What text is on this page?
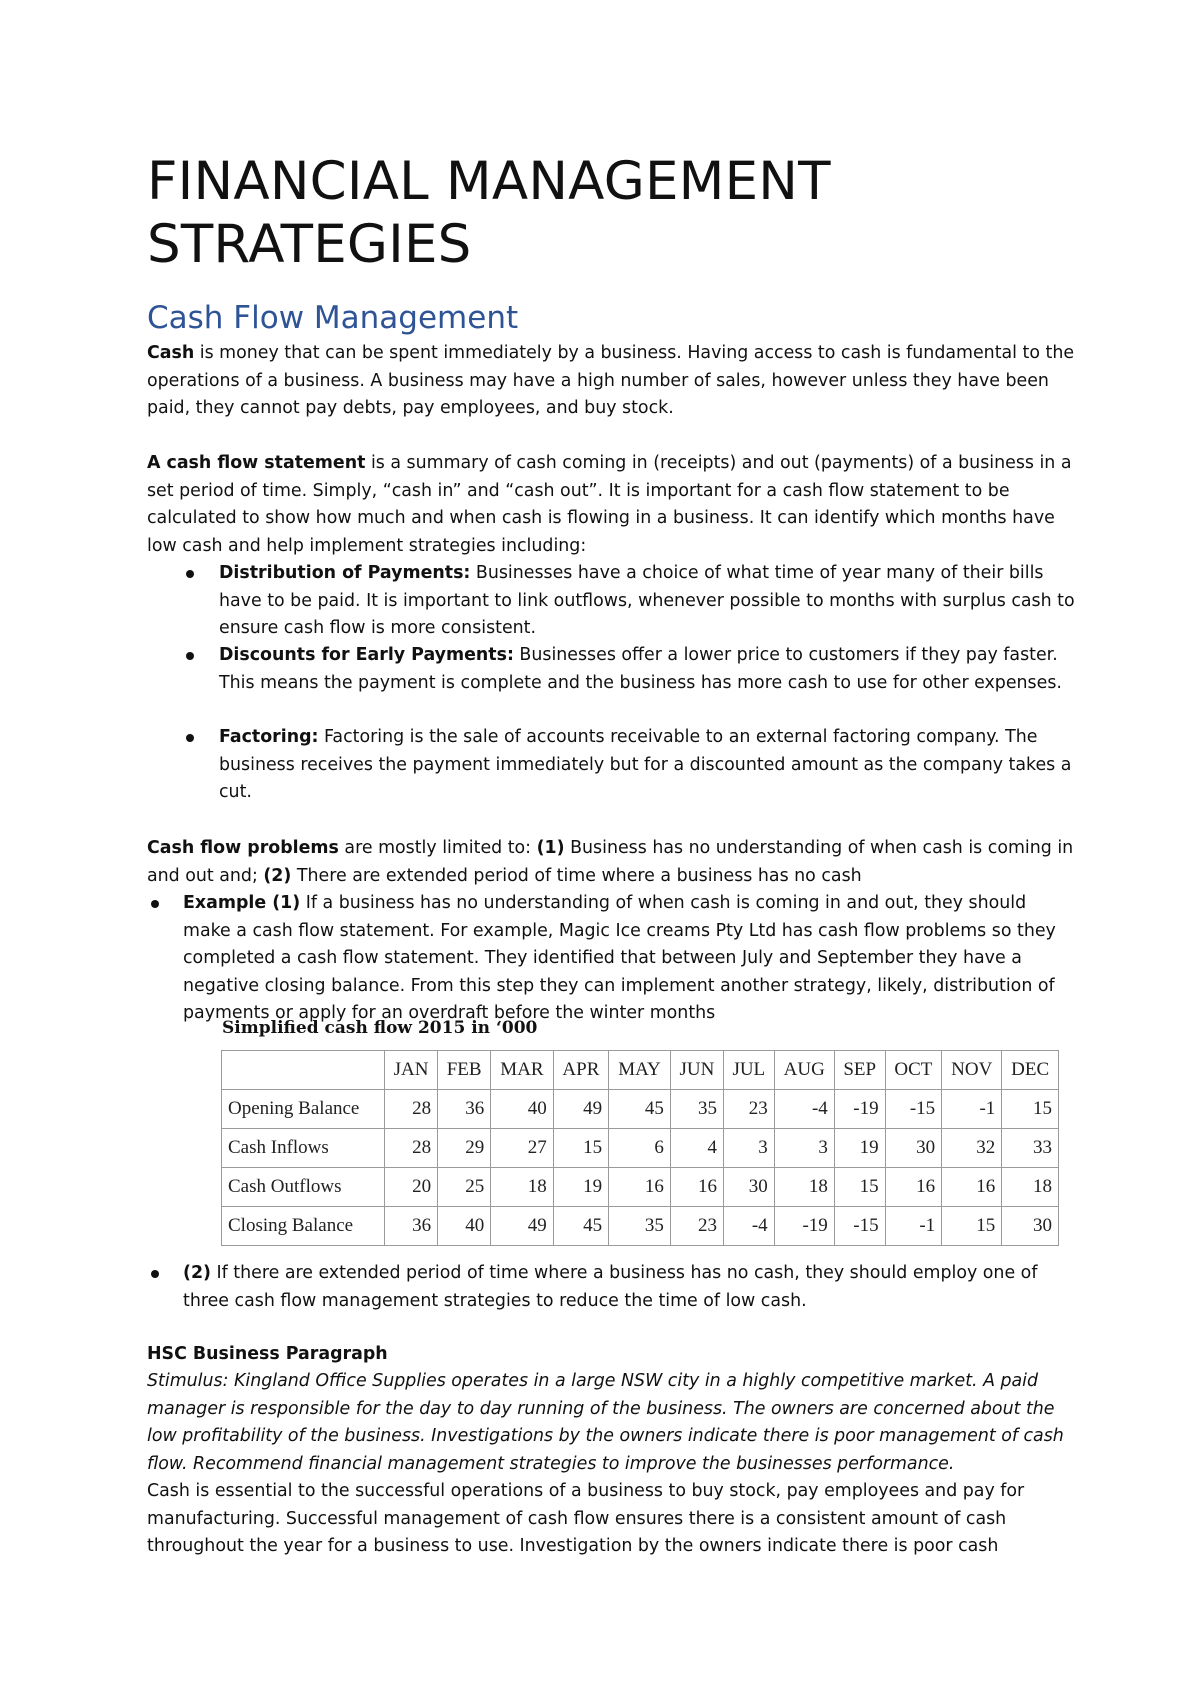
FINANCIAL MANAGEMENT STRATEGIES
Cash Flow Management

Cash is money that can be spent immediately by a business. Having access to cash is fundamental to the operations of a business. A business may have a high number of sales, however unless they have been paid, they cannot pay debts, pay employees, and buy stock.

A cash flow statement is a summary of cash coming in (receipts) and out (payments) of a business in a set period of time. Simply, “cash in” and “cash out”. It is important for a cash flow statement to be calculated to show how much and when cash is flowing in a business. It can identify which months have low cash and help implement strategies including:

Distribution of Payments: Businesses have a choice of what time of year many of their bills have to be paid. It is important to link outflows, whenever possible to months with surplus cash to ensure cash flow is more consistent.
Discounts for Early Payments: Businesses offer a lower price to customers if they pay faster. This means the payment is complete and the business has more cash to use for other expenses.
Factoring: Factoring is the sale of accounts receivable to an external factoring company. The business receives the payment immediately but for a discounted amount as the company takes a cut.

Cash flow problems are mostly limited to: (1) Business has no understanding of when cash is coming in and out and; (2) There are extended period of time where a business has no cash

Example (1) If a business has no understanding of when cash is coming in and out, they should make a cash flow statement. For example, Magic Ice creams Pty Ltd has cash flow problems so they completed a cash flow statement. They identified that between July and September they have a negative closing balance. From this step they can implement another strategy, likely, distribution of payments or apply for an overdraft before the winter months
Simplified cash flow 2015 in ‘000
	JAN	FEB	MAR	APR	MAY	JUN	JUL	AUG	SEP	OCT	NOV	DEC
Opening Balance	28	36	40	49	45	35	23	-4	-19	-15	-1	15
Cash Inflows	28	29	27	15	6	4	3	3	19	30	32	33
Cash Outflows	20	25	18	19	16	16	30	18	15	16	16	18
Closing Balance	36	40	49	45	35	23	-4	-19	-15	-1	15	30
(2) If there are extended period of time where a business has no cash, they should employ one of three cash flow management strategies to reduce the time of low cash.

HSC Business Paragraph

Stimulus: Kingland Office Supplies operates in a large NSW city in a highly competitive market. A paid manager is responsible for the day to day running of the business. The owners are concerned about the low profitability of the business. Investigations by the owners indicate there is poor management of cash flow. Recommend financial management strategies to improve the businesses performance.

Cash is essential to the successful operations of a business to buy stock, pay employees and pay for manufacturing. Successful management of cash flow ensures there is a consistent amount of cash throughout the year for a business to use. Investigation by the owners indicate there is poor cash
